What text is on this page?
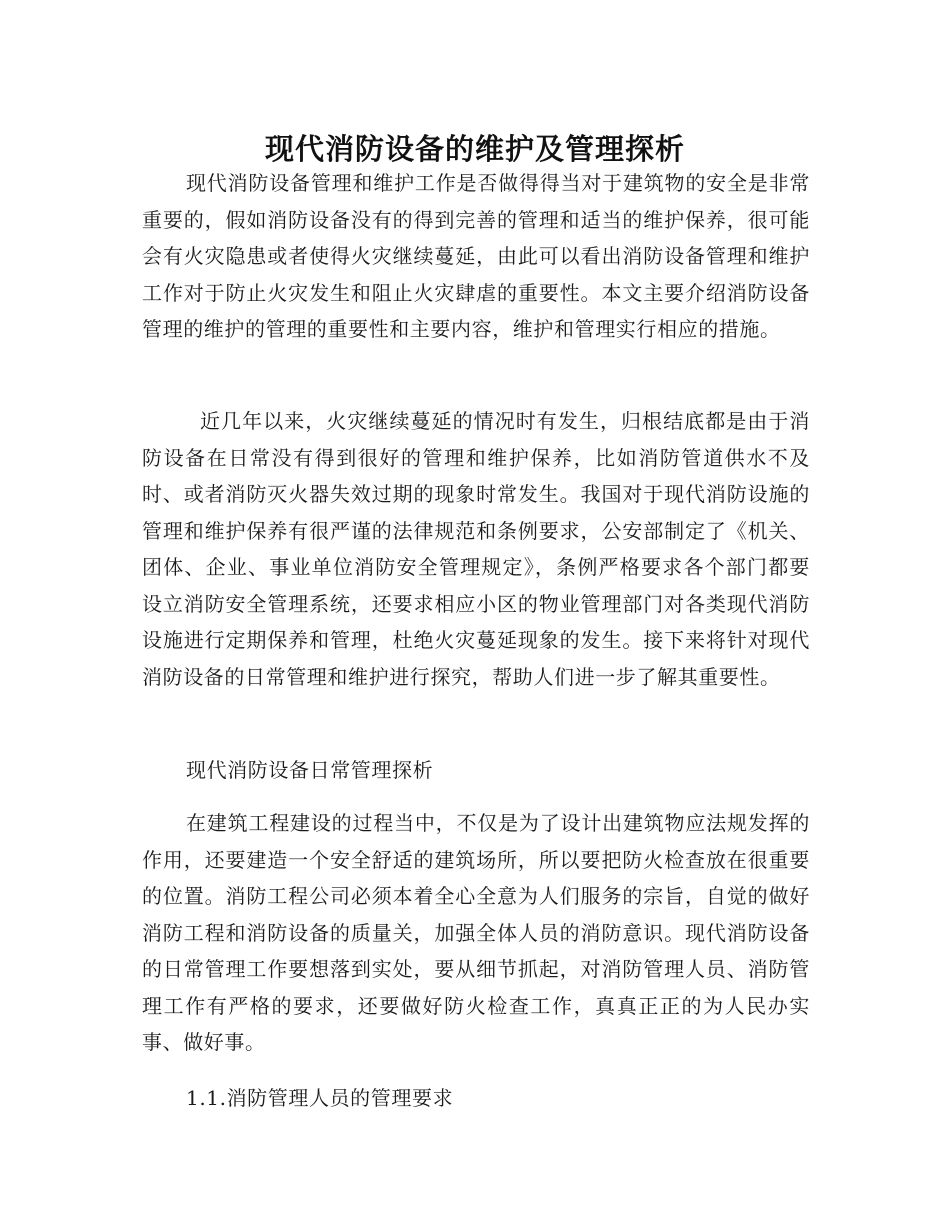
现代消防设备的维护及管理探析

现代消防设备管理和维护工作是否做得得当对于建筑物的安全是非常重要的，假如消防设备没有的得到完善的管理和适当的维护保养，很可能会有火灾隐患或者使得火灾继续蔓延，由此可以看出消防设备管理和维护工作对于防止火灾发生和阻止火灾肆虐的重要性。本文主要介绍消防设备管理的维护的管理的重要性和主要内容，维护和管理实行相应的措施。

近几年以来，火灾继续蔓延的情况时有发生，归根结底都是由于消防设备在日常没有得到很好的管理和维护保养，比如消防管道供水不及时、或者消防灭火器失效过期的现象时常发生。我国对于现代消防设施的管理和维护保养有很严谨的法律规范和条例要求，公安部制定了《机关、团体、企业、事业单位消防安全管理规定》，条例严格要求各个部门都要设立消防安全管理系统，还要求相应小区的物业管理部门对各类现代消防设施进行定期保养和管理，杜绝火灾蔓延现象的发生。接下来将针对现代消防设备的日常管理和维护进行探究，帮助人们进一步了解其重要性。

现代消防设备日常管理探析

在建筑工程建设的过程当中，不仅是为了设计出建筑物应法规发挥的作用，还要建造一个安全舒适的建筑场所，所以要把防火检查放在很重要的位置。消防工程公司必须本着全心全意为人们服务的宗旨，自觉的做好消防工程和消防设备的质量关，加强全体人员的消防意识。现代消防设备的日常管理工作要想落到实处，要从细节抓起，对消防管理人员、消防管理工作有严格的要求，还要做好防火检查工作，真真正正的为人民办实事、做好事。

1.1.消防管理人员的管理要求
